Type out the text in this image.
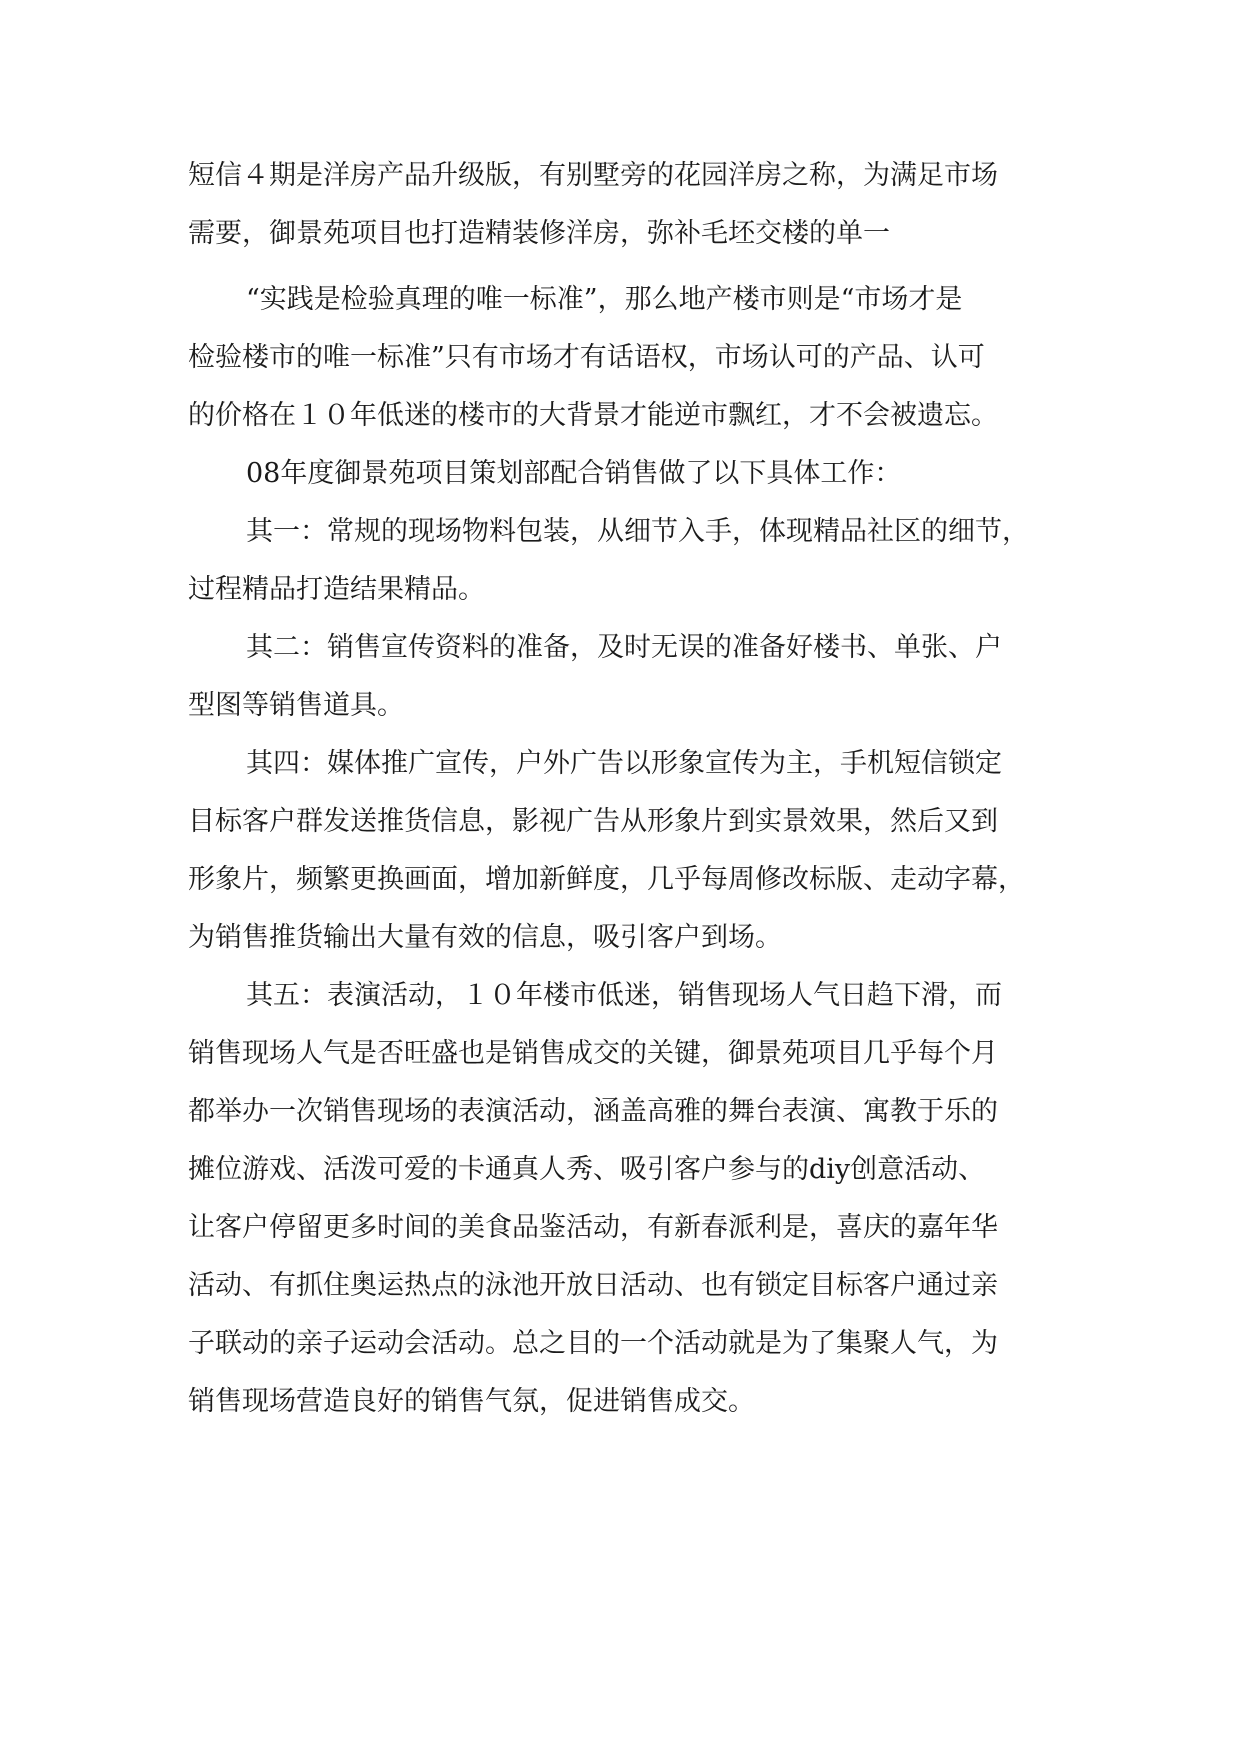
短信４期是洋房产品升级版，有别墅旁的花园洋房之称，为满足市场
需要，御景苑项目也打造精装修洋房，弥补毛坯交楼的单一
“实践是检验真理的唯一标准”，那么地产楼市则是“市场才是
检验楼市的唯一标准”只有市场才有话语权，市场认可的产品、认可
的价格在１０年低迷的楼市的大背景才能逆市飘红，才不会被遗忘。
08年度御景苑项目策划部配合销售做了以下具体工作：
其一：常规的现场物料包装，从细节入手，体现精品社区的细节，
过程精品打造结果精品。
其二：销售宣传资料的准备，及时无误的准备好楼书、单张、户
型图等销售道具。
其四：媒体推广宣传，户外广告以形象宣传为主，手机短信锁定
目标客户群发送推货信息，影视广告从形象片到实景效果，然后又到
形象片，频繁更换画面，增加新鲜度，几乎每周修改标版、走动字幕，
为销售推货输出大量有效的信息，吸引客户到场。
其五：表演活动，１０年楼市低迷，销售现场人气日趋下滑，而
销售现场人气是否旺盛也是销售成交的关键，御景苑项目几乎每个月
都举办一次销售现场的表演活动，涵盖高雅的舞台表演、寓教于乐的
摊位游戏、活泼可爱的卡通真人秀、吸引客户参与的diy创意活动、
让客户停留更多时间的美食品鉴活动，有新春派利是，喜庆的嘉年华
活动、有抓住奥运热点的泳池开放日活动、也有锁定目标客户通过亲
子联动的亲子运动会活动。总之目的一个活动就是为了集聚人气，为
销售现场营造良好的销售气氛，促进销售成交。
